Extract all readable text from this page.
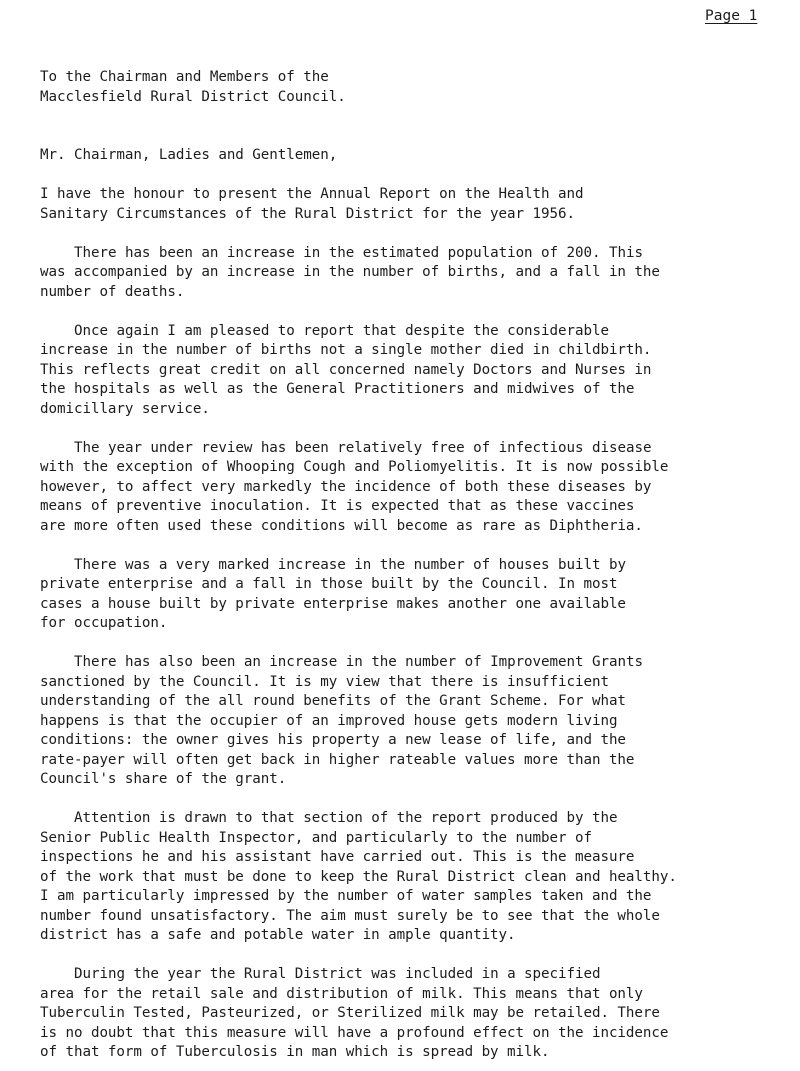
Page 1
To the Chairman and Members of the
Macclesfield Rural District Council.
Mr. Chairman, Ladies and Gentlemen,
I have the honour to present the Annual Report on the Health and
Sanitary Circumstances of the Rural District for the year 1956.
There has been an increase in the estimated population of 200. This
was accompanied by an increase in the number of births, and a fall in the
number of deaths.
Once again I am pleased to report that despite the considerable
increase in the number of births not a single mother died in childbirth.
This reflects great credit on all concerned namely Doctors and Nurses in
the hospitals as well as the General Practitioners and midwives of the
domicillary service.
The year under review has been relatively free of infectious disease
with the exception of Whooping Cough and Poliomyelitis. It is now possible
however, to affect very markedly the incidence of both these diseases by
means of preventive inoculation. It is expected that as these vaccines
are more often used these conditions will become as rare as Diphtheria.
There was a very marked increase in the number of houses built by
private enterprise and a fall in those built by the Council. In most
cases a house built by private enterprise makes another one available
for occupation.
There has also been an increase in the number of Improvement Grants
sanctioned by the Council. It is my view that there is insufficient
understanding of the all round benefits of the Grant Scheme. For what
happens is that the occupier of an improved house gets modern living
conditions: the owner gives his property a new lease of life, and the
rate-payer will often get back in higher rateable values more than the
Council's share of the grant.
Attention is drawn to that section of the report produced by the
Senior Public Health Inspector, and particularly to the number of
inspections he and his assistant have carried out. This is the measure
of the work that must be done to keep the Rural District clean and healthy.
I am particularly impressed by the number of water samples taken and the
number found unsatisfactory. The aim must surely be to see that the whole
district has a safe and potable water in ample quantity.
During the year the Rural District was included in a specified
area for the retail sale and distribution of milk. This means that only
Tuberculin Tested, Pasteurized, or Sterilized milk may be retailed. There
is no doubt that this measure will have a profound effect on the incidence
of that form of Tuberculosis in man which is spread by milk.
